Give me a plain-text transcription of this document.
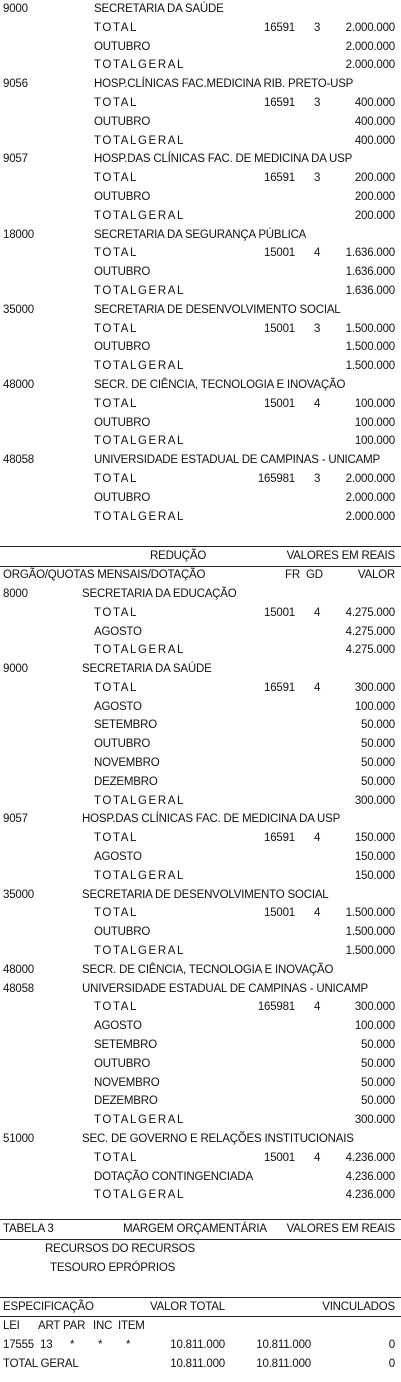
9000	SECRETARIA DA SAÚDE
TOTAL	16591 3 2.000.000
OUTUBRO	2.000.000
TOTALGERAL	2.000.000
9056	HOSP.CLÍNICAS FAC.MEDICINA RIB. PRETO-USP
TOTAL	16591 3	400.000
OUTUBRO	400.000
TOTALGERAL	400.000
9057	HOSP.DAS CLÍNICAS FAC. DE MEDICINA DA USP
TOTAL	16591 3	200.000
OUTUBRO	200.000
TOTALGERAL	200.000
18000	SECRETARIA DA SEGURANÇA PÚBLICA
TOTAL	15001 4 1.636.000
OUTUBRO	1.636.000
TOTALGERAL	1.636.000
35000	SECRETARIA DE DESENVOLVIMENTO SOCIAL
TOTAL	15001 3 1.500.000
OUTUBRO	1.500.000
TOTALGERAL	1.500.000
48000	SECR. DE CIÊNCIA, TECNOLOGIA E INOVAÇÃO
TOTAL	15001 4	100.000
OUTUBRO	100.000
TOTALGERAL	100.000
48058	UNIVERSIDADE ESTADUAL DE CAMPINAS - UNICAMP
TOTAL	165981 3 2.000.000
OUTUBRO	2.000.000
TOTALGERAL	2.000.000
REDUÇÃO	VALORES EM REAIS
ORGÃO/QUOTAS MENSAIS/DOTAÇÃO	FR GD	VALOR
8000	SECRETARIA DA EDUCAÇÃO
TOTAL	15001 4 4.275.000
AGOSTO	4.275.000
TOTALGERAL	4.275.000
9000	SECRETARIA DA SAÚDE
TOTAL	16591 4	300.000
AGOSTO	100.000
SETEMBRO	50.000
OUTUBRO	50.000
NOVEMBRO	50.000
DEZEMBRO	50.000
TOTALGERAL	300.000
9057	HOSP.DAS CLÍNICAS FAC. DE MEDICINA DA USP
TOTAL	16591 4	150.000
AGOSTO	150.000
TOTALGERAL	150.000
35000	SECRETARIA DE DESENVOLVIMENTO SOCIAL
TOTAL	15001 4 1.500.000
OUTUBRO	1.500.000
TOTALGERAL	1.500.000
48000	SECR. DE CIÊNCIA, TECNOLOGIA E INOVAÇÃO
48058	UNIVERSIDADE ESTADUAL DE CAMPINAS - UNICAMP
TOTAL	165981 4	300.000
AGOSTO	100.000
SETEMBRO	50.000
OUTUBRO	50.000
NOVEMBRO	50.000
DEZEMBRO	50.000
TOTALGERAL	300.000
51000	SEC. DE GOVERNO E RELAÇÕES INSTITUCIONAIS
TOTAL	15001 4 4.236.000
DOTAÇÃO CONTINGENCIADA	4.236.000
TOTALGERAL	4.236.000
TABELA 3	MARGEM ORÇAMENTÁRIA VALORES EM REAIS
RECURSOS DO RECURSOS
TESOURO EPRÓPRIOS
ESPECIFICAÇÃO	VALOR TOTAL	VINCULADOS
LEI ART PAR INC ITEM
17555 13 * * *	10.811.000	10.811.000	0
TOTAL GERAL	10.811.000	10.811.000	0
